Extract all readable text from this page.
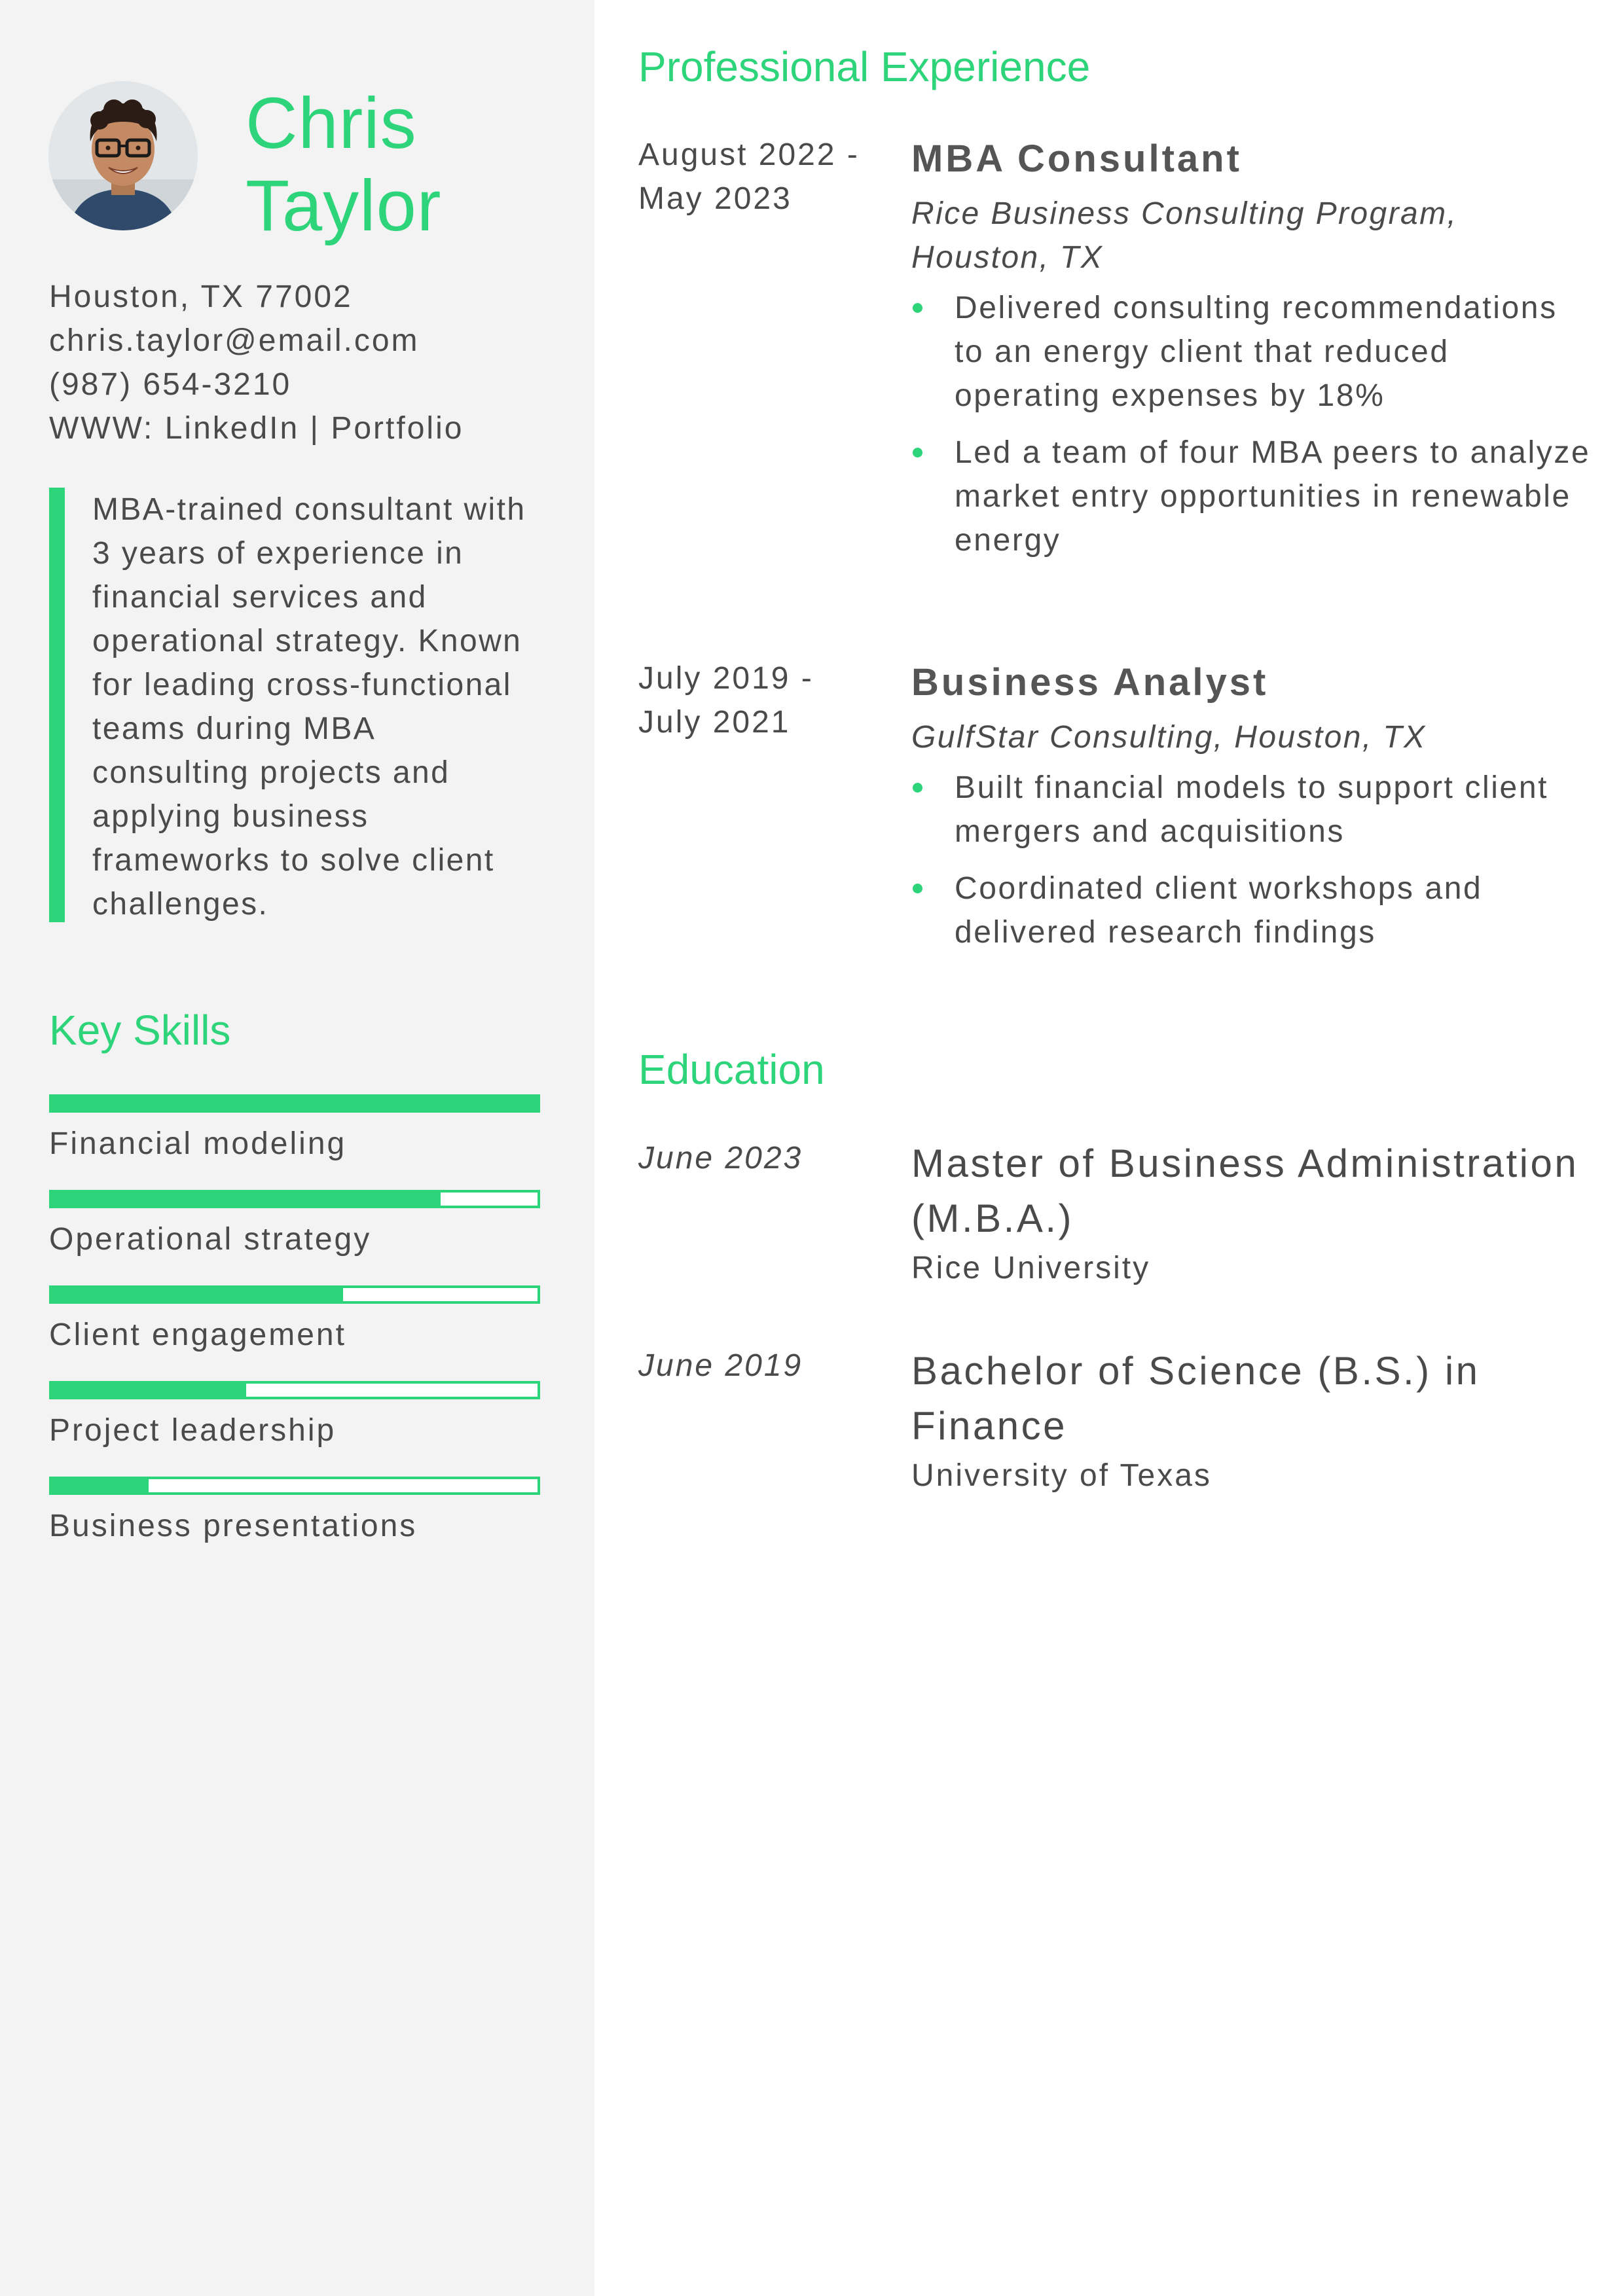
Chris
Taylor
Houston, TX 77002
chris.taylor@email.com
(987) 654-3210
WWW: LinkedIn | Portfolio

MBA-trained consultant with 3 years of experience in financial services and operational strategy. Known for leading cross-functional teams during MBA consulting projects and applying business frameworks to solve client challenges.

Key Skills
Financial modeling
Operational strategy
Client engagement
Project leadership
Business presentations
Professional Experience
August 2022 - May 2023
MBA Consultant
Rice Business Consulting Program, Houston, TX
Delivered consulting recommendations to an energy client that reduced operating expenses by 18%
Led a team of four MBA peers to analyze market entry opportunities in renewable energy
July 2019 - July 2021
Business Analyst
GulfStar Consulting, Houston, TX
Built financial models to support client mergers and acquisitions
Coordinated client workshops and delivered research findings
Education
June 2023	Master of Business Administration (M.B.A.)
Rice University
June 2019	Bachelor of Science (B.S.) in Finance
University of Texas
